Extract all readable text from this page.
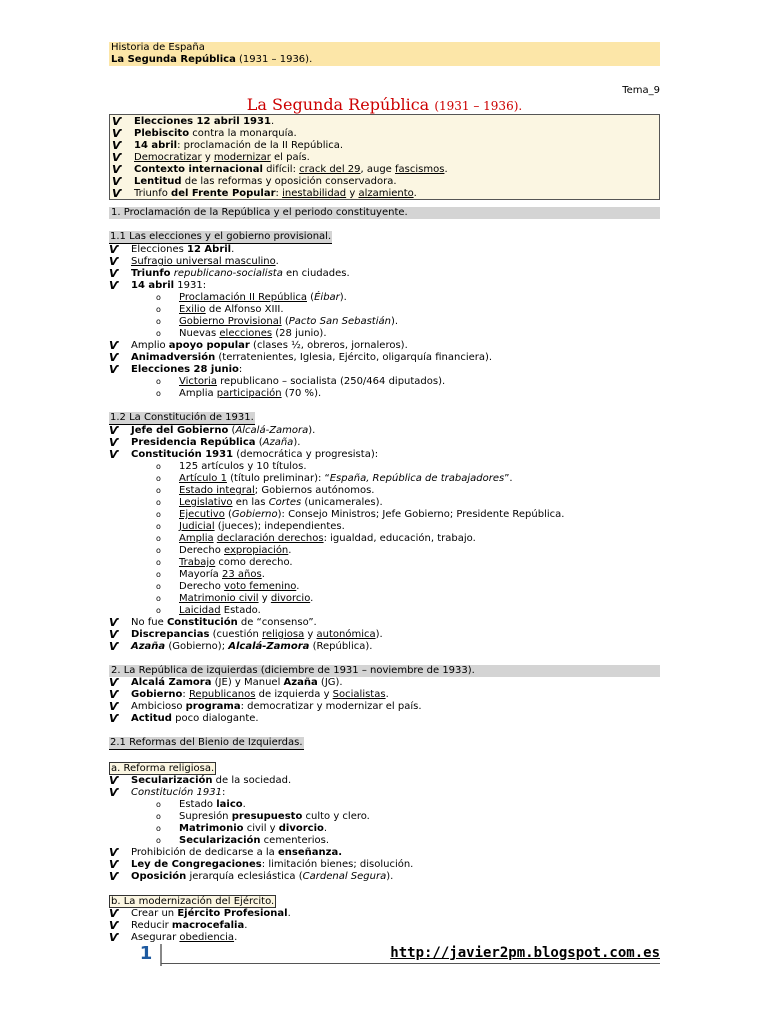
Historia de España
La Segunda República (1931 – 1936).
Tema_9
La Segunda República (1931 – 1936).
Ѵ	Elecciones 12 abril 1931.
Ѵ	Plebiscito contra la monarquía.
Ѵ	14 abril: proclamación de la II República.
Ѵ	Democratizar y modernizar el país.
Ѵ	Contexto internacional difícil: crack del 29, auge fascismos.
Ѵ	Lentitud de las reformas y oposición conservadora.
Ѵ	Triunfo del Frente Popular: inestabilidad y alzamiento.
1. Proclamación de la República y el periodo constituyente.
1.1 Las elecciones y el gobierno provisional.
Ѵ	Elecciones 12 Abril.
Ѵ	Sufragio universal masculino.
Ѵ	Triunfo republicano-socialista en ciudades.
Ѵ	14 abril 1931:
o	Proclamación II República (Éibar).
o	Exilio de Alfonso XIII.
o	Gobierno Provisional (Pacto San Sebastián).
o	Nuevas elecciones (28 junio).
Ѵ	Amplio apoyo popular (clases ½, obreros, jornaleros).
Ѵ	Animadversión (terratenientes, Iglesia, Ejército, oligarquía financiera).
Ѵ	Elecciones 28 junio:
o	Victoria republicano – socialista (250/464 diputados).
o	Amplia participación (70 %).
1.2 La Constitución de 1931.
Ѵ	Jefe del Gobierno (Alcalá-Zamora).
Ѵ	Presidencia República (Azaña).
Ѵ	Constitución 1931 (democrática y progresista):
o	125 artículos y 10 títulos.
o	Artículo 1 (título preliminar): “España, República de trabajadores”.
o	Estado integral; Gobiernos autónomos.
o	Legislativo en las Cortes (unicamerales).
o	Ejecutivo (Gobierno): Consejo Ministros; Jefe Gobierno; Presidente República.
o	Judicial (jueces); independientes.
o	Amplia declaración derechos: igualdad, educación, trabajo.
o	Derecho expropiación.
o	Trabajo como derecho.
o	Mayoría 23 años.
o	Derecho voto femenino.
o	Matrimonio civil y divorcio.
o	Laicidad Estado.
Ѵ	No fue Constitución de “consenso”.
Ѵ	Discrepancias (cuestión religiosa y autonómica).
Ѵ	Azaña (Gobierno); Alcalá-Zamora (República).
2. La República de izquierdas (diciembre de 1931 – noviembre de 1933).
Ѵ	Alcalá Zamora (JE) y Manuel Azaña (JG).
Ѵ	Gobierno: Republicanos de izquierda y Socialistas.
Ѵ	Ambicioso programa: democratizar y modernizar el país.
Ѵ	Actitud poco dialogante.
2.1 Reformas del Bienio de Izquierdas.
a. Reforma religiosa.
Ѵ	Secularización de la sociedad.
Ѵ	Constitución 1931:
o	Estado laico.
o	Supresión presupuesto culto y clero.
o	Matrimonio civil y divorcio.
o	Secularización cementerios.
Ѵ	Prohibición de dedicarse a la enseñanza.
Ѵ	Ley de Congregaciones: limitación bienes; disolución.
Ѵ	Oposición jerarquía eclesiástica (Cardenal Segura).
b. La modernización del Ejército.
Ѵ	Crear un Ejército Profesional.
Ѵ	Reducir macrocefalia.
Ѵ	Asegurar obediencia.
1	http://javier2pm.blogspot.com.es
